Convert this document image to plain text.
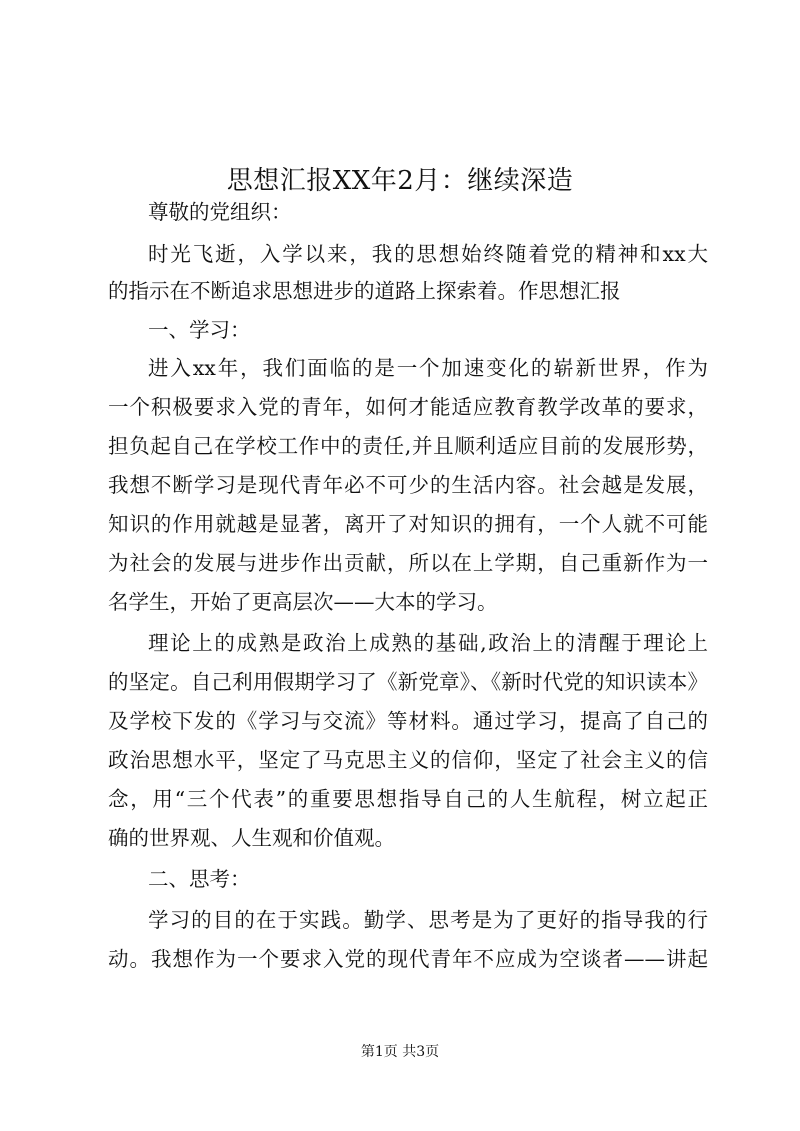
思想汇报XX年2月：继续深造
尊敬的党组织：
时光飞逝，入学以来，我的思想始终随着党的精神和xx大
的指示在不断追求思想进步的道路上探索着。作思想汇报
一、学习：
进入xx年，我们面临的是一个加速变化的崭新世界，作为
一个积极要求入党的青年，如何才能适应教育教学改革的要求，
担负起自己在学校工作中的责任,并且顺利适应目前的发展形势，
我想不断学习是现代青年必不可少的生活内容。社会越是发展，
知识的作用就越是显著，离开了对知识的拥有，一个人就不可能
为社会的发展与进步作出贡献，所以在上学期，自己重新作为一
名学生，开始了更高层次——大本的学习。
理论上的成熟是政治上成熟的基础,政治上的清醒于理论上
的坚定。自己利用假期学习了《新党章》、《新时代党的知识读本》
及学校下发的《学习与交流》等材料。通过学习，提高了自己的
政治思想水平，坚定了马克思主义的信仰，坚定了社会主义的信
念，用“三个代表”的重要思想指导自己的人生航程，树立起正
确的世界观、人生观和价值观。
二、思考：
学习的目的在于实践。勤学、思考是为了更好的指导我的行
动。我想作为一个要求入党的现代青年不应成为空谈者——讲起
第1页 共3页
